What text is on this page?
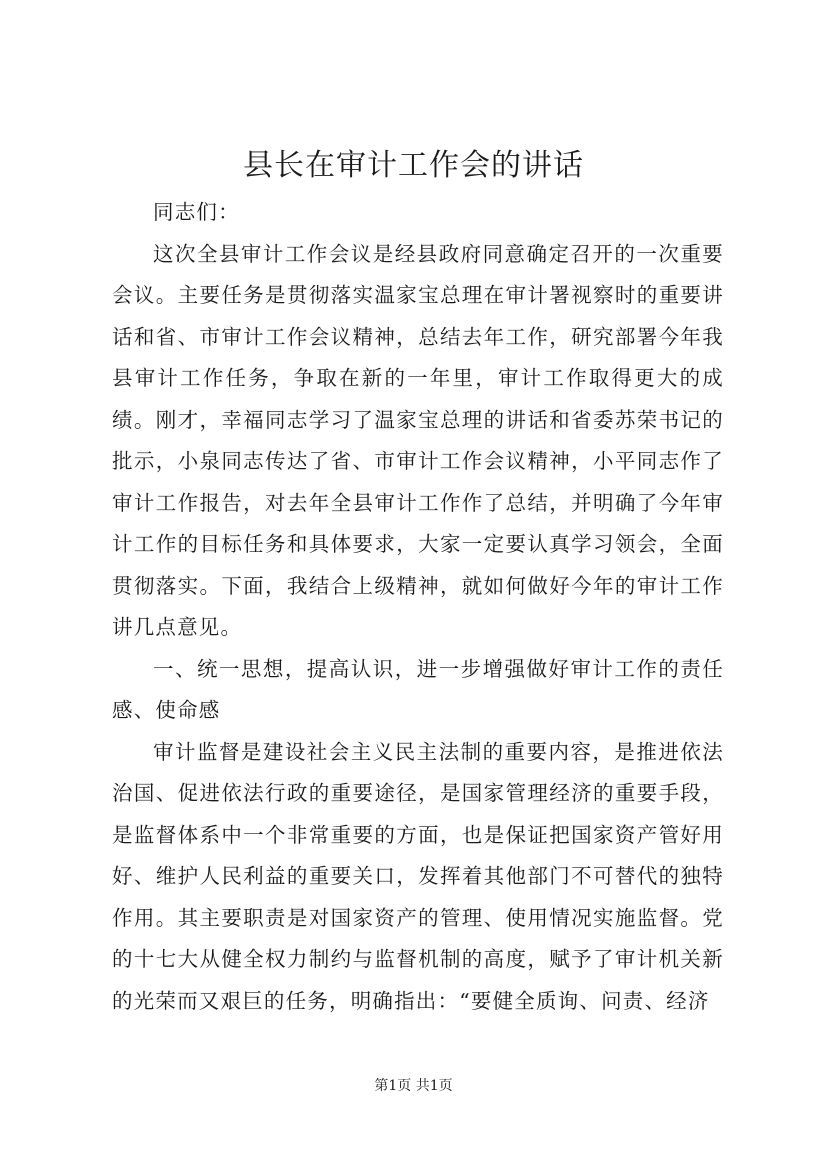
县长在审计工作会的讲话

同志们：

这次全县审计工作会议是经县政府同意确定召开的一次重要会议。主要任务是贯彻落实温家宝总理在审计署视察时的重要讲话和省、市审计工作会议精神，总结去年工作，研究部署今年我县审计工作任务，争取在新的一年里，审计工作取得更大的成绩。刚才，幸福同志学习了温家宝总理的讲话和省委苏荣书记的批示，小泉同志传达了省、市审计工作会议精神，小平同志作了审计工作报告，对去年全县审计工作作了总结，并明确了今年审计工作的目标任务和具体要求，大家一定要认真学习领会，全面贯彻落实。下面，我结合上级精神，就如何做好今年的审计工作讲几点意见。

一、统一思想，提高认识，进一步增强做好审计工作的责任感、使命感

审计监督是建设社会主义民主法制的重要内容，是推进依法治国、促进依法行政的重要途径，是国家管理经济的重要手段，是监督体系中一个非常重要的方面，也是保证把国家资产管好用好、维护人民利益的重要关口，发挥着其他部门不可替代的独特作用。其主要职责是对国家资产的管理、使用情况实施监督。党的十七大从健全权力制约与监督机制的高度，赋予了审计机关新的光荣而又艰巨的任务，明确指出：“要健全质询、问责、经济

第1页 共1页
